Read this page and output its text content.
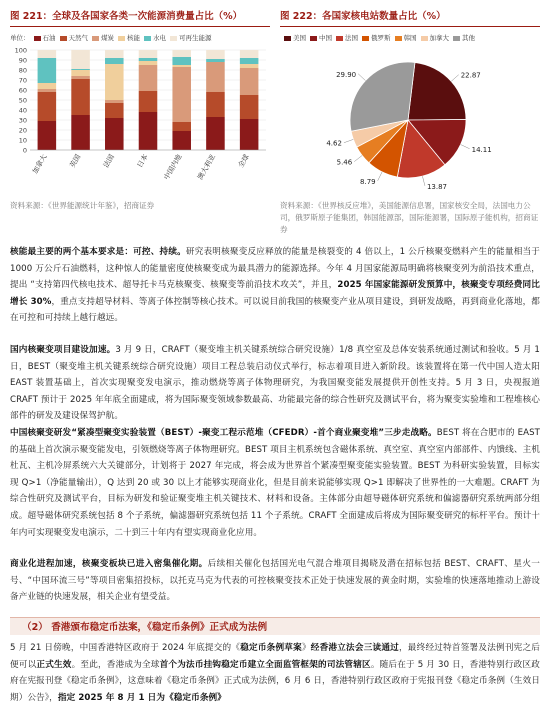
图 221：全球及各国家各类一次能源消费量占比（%）
单位： 石油 天然气 煤炭 核能 水电 可再生能源
0
10
20
30
40
50
60
70
80
90
100
加拿大	英国	法国	日本 中国内地 澳大利亚	全球
资料来源：《世界能源统计年鉴》，招商证券
图 222：各国家核电站数量占比（%）
美国 中国 法国 俄罗斯 韩国 加拿大 其他
22.87
14.11
13.87
8.79
5.46
4.62
29.90
资料来源：《世界核反应堆》，美国能源信息署，国家核安全局，法国电力公司，俄罗斯原子能集团，韩国能源部，国际能源署，国际原子能机构，招商证券
核能最主要的两个基本要求是：可控、持续。研究表明核聚变反应释放的能量是核裂变的 4 倍以上，1 公斤核聚变燃料产生的能量相当于 1000 万公斤石油燃料，这种惊人的能量密度使核聚变成为最具潜力的能源选择。今年 4 月国家能源局明确将核聚变列为前沿技术重点，提出 “支持第四代核电技术、超导托卡马克核聚变、核聚变等前沿技术攻关”，并且，2025 年国家能源研发预算中，核聚变专项经费同比增长 30%，重点支持超导材料、等离子体控制等核心技术。可以说目前我国的核聚变产业从项目建设，到研发战略，再到商业化落地，都在可控和可持续上越行越远。
国内核聚变项目建设加速。3 月 9 日，CRAFT（聚变堆主机关键系统综合研究设施）1/8 真空室及总体安装系统通过测试和验收。5 月 1 日，BEST（聚变堆主机关键系统综合研究设施）项目工程总装启动仪式举行，标志着项目进入新阶段。该装置将在第一代中国人造太阳 EAST 装置基础上，首次实现聚变发电演示，推动燃烧等离子体物理研究，为我国聚变能发展提供开创性支持。5 月 3 日，央视报道 CRAFT 预计于 2025 年年底全面建成，将为国际聚变领域参数最高、功能最完备的综合性研究及测试平台，将为聚变实验堆和工程堆核心部件的研发及建设保驾护航。
中国核聚变研发“紧凑型聚变实验装置（BEST）-聚变工程示范堆（CFEDR）-首个商业聚变堆”三步走战略。BEST 将在合肥市的 EAST 的基础上首次演示聚变能发电，引领燃烧等离子体物理研究。BEST 项目主机系统包含磁体系统、真空室、真空室内部部件、内馈线、主机杜瓦、主机冷屏系统六大关键部分，计划将于 2027 年完成，将会成为世界首个紧凑型聚变能实验装置。BEST 为科研实验装置，目标实现 Q>1（净能量输出），Q 达到 20 或 30 以上才能够实现商业化，但是目前来说能够实现 Q>1 即解决了世界性的一大难题。CRAFT 为综合性研究及测试平台，目标为研发和验证聚变堆主机关键技术、材料和设备。主体部分由超导磁体研究系统和偏滤器研究系统两部分组成。超导磁体研究系统包括 8 个子系统，偏滤器研究系统包括 11 个子系统。CRAFT 全面建成后将成为国际聚变研究的标杆平台。预计十年内可实现聚变发电演示，二十到三十年内有望实现商业化应用。
商业化进程加速，核聚变板块已进入密集催化期。后续相关催化包括国光电气混合堆项目揭晓及潜在招标包括 BEST、CRAFT、星火一号、“中国环流三号”等项目密集招投标，以托克马克为代表的可控核聚变技术正处于快速发展的黄金时期，实验堆的快速落地推动上游设备产业链的快速发展，相关企业有望受益。
（2） 香港颁布稳定币法案，《稳定币条例》正式成为法例
5 月 21 日傍晚，中国香港特区政府于 2024 年底提交的《稳定币条例草案》经香港立法会三读通过，最终经过特首签署及法例刊宪之后便可以正式生效。至此，香港成为全球首个为法币挂钩稳定币建立全面监管框架的司法管辖区。随后在于 5 月 30 日，香港特别行政区政府在宪报刊登《稳定币条例》，这意味着《稳定币条例》正式成为法例，6 月 6 日，香港特别行政区政府于宪报刊登《稳定币条例（生效日期）公告》，指定 2025 年 8 月 1 日为《稳定币条例》
